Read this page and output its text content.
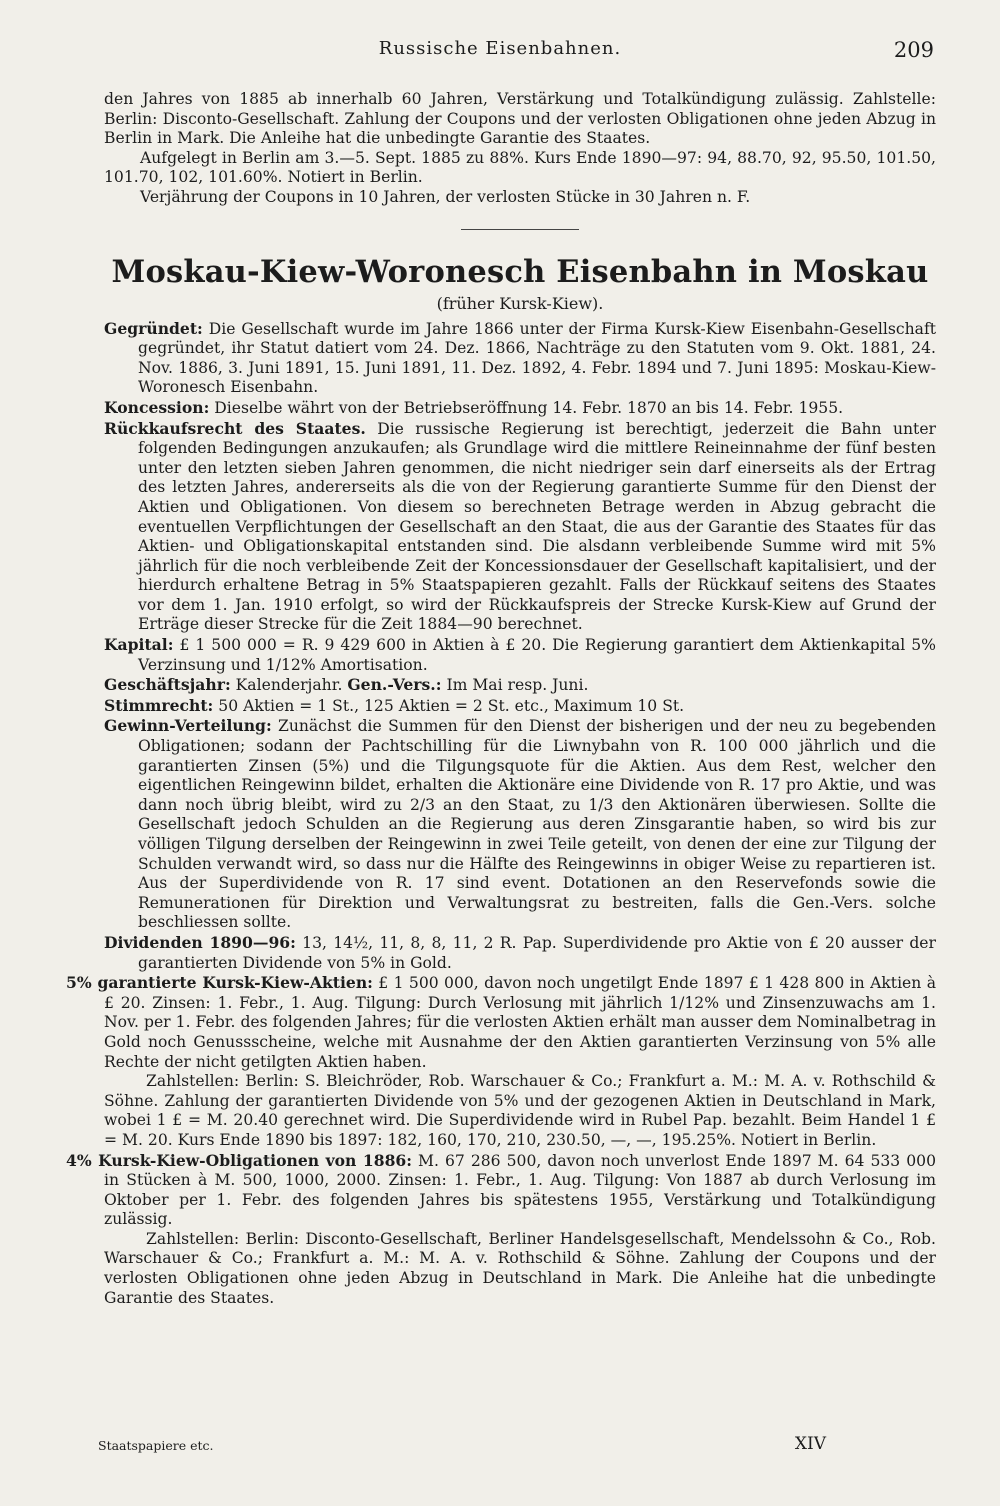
Russische Eisenbahnen.	209

den Jahres von 1885 ab innerhalb 60 Jahren, Verstärkung und Totalkündigung zulässig. Zahlstelle: Berlin: Disconto-Gesellschaft. Zahlung der Coupons und der verlosten Obligationen ohne jeden Abzug in Berlin in Mark. Die Anleihe hat die unbedingte Garantie des Staates.

Aufgelegt in Berlin am 3.—5. Sept. 1885 zu 88%. Kurs Ende 1890—97: 94, 88.70, 92, 95.50, 101.50, 101.70, 102, 101.60%. Notiert in Berlin.

Verjährung der Coupons in 10 Jahren, der verlosten Stücke in 30 Jahren n. F.

Moskau-Kiew-Woronesch Eisenbahn in Moskau

(früher Kursk-Kiew).

Gegründet: Die Gesellschaft wurde im Jahre 1866 unter der Firma Kursk-Kiew Eisenbahn-Gesellschaft gegründet, ihr Statut datiert vom 24. Dez. 1866, Nachträge zu den Statuten vom 9. Okt. 1881, 24. Nov. 1886, 3. Juni 1891, 15. Juni 1891, 11. Dez. 1892, 4. Febr. 1894 und 7. Juni 1895: Moskau-Kiew-Woronesch Eisenbahn.

Koncession: Dieselbe währt von der Betriebseröffnung 14. Febr. 1870 an bis 14. Febr. 1955.

Rückkaufsrecht des Staates. Die russische Regierung ist berechtigt, jederzeit die Bahn unter folgenden Bedingungen anzukaufen; als Grundlage wird die mittlere Reineinnahme der fünf besten unter den letzten sieben Jahren genommen, die nicht niedriger sein darf einerseits als der Ertrag des letzten Jahres, andererseits als die von der Regierung garantierte Summe für den Dienst der Aktien und Obligationen. Von diesem so berechneten Betrage werden in Abzug gebracht die eventuellen Verpflichtungen der Gesellschaft an den Staat, die aus der Garantie des Staates für das Aktien- und Obligationskapital entstanden sind. Die alsdann verbleibende Summe wird mit 5% jährlich für die noch verbleibende Zeit der Koncessionsdauer der Gesellschaft kapitalisiert, und der hierdurch erhaltene Betrag in 5% Staatspapieren gezahlt. Falls der Rückkauf seitens des Staates vor dem 1. Jan. 1910 erfolgt, so wird der Rückkaufspreis der Strecke Kursk-Kiew auf Grund der Erträge dieser Strecke für die Zeit 1884—90 berechnet.

Kapital: £ 1 500 000 = R. 9 429 600 in Aktien à £ 20. Die Regierung garantiert dem Aktienkapital 5% Verzinsung und 1/12% Amortisation.

Geschäftsjahr: Kalenderjahr. Gen.-Vers.: Im Mai resp. Juni.

Stimmrecht: 50 Aktien = 1 St., 125 Aktien = 2 St. etc., Maximum 10 St.

Gewinn-Verteilung: Zunächst die Summen für den Dienst der bisherigen und der neu zu begebenden Obligationen; sodann der Pachtschilling für die Liwnybahn von R. 100 000 jährlich und die garantierten Zinsen (5%) und die Tilgungsquote für die Aktien. Aus dem Rest, welcher den eigentlichen Reingewinn bildet, erhalten die Aktionäre eine Dividende von R. 17 pro Aktie, und was dann noch übrig bleibt, wird zu 2/3 an den Staat, zu 1/3 den Aktionären überwiesen. Sollte die Gesellschaft jedoch Schulden an die Regierung aus deren Zinsgarantie haben, so wird bis zur völligen Tilgung derselben der Reingewinn in zwei Teile geteilt, von denen der eine zur Tilgung der Schulden verwandt wird, so dass nur die Hälfte des Reingewinns in obiger Weise zu repartieren ist. Aus der Superdividende von R. 17 sind event. Dotationen an den Reservefonds sowie die Remunerationen für Direktion und Verwaltungsrat zu bestreiten, falls die Gen.-Vers. solche beschliessen sollte.

Dividenden 1890—96: 13, 14½, 11, 8, 8, 11, 2 R. Pap. Superdividende pro Aktie von £ 20 ausser der garantierten Dividende von 5% in Gold.

5% garantierte Kursk-Kiew-Aktien: £ 1 500 000, davon noch ungetilgt Ende 1897 £ 1 428 800 in Aktien à £ 20. Zinsen: 1. Febr., 1. Aug. Tilgung: Durch Verlosung mit jährlich 1/12% und Zinsenzuwachs am 1. Nov. per 1. Febr. des folgenden Jahres; für die verlosten Aktien erhält man ausser dem Nominalbetrag in Gold noch Genussscheine, welche mit Ausnahme der den Aktien garantierten Verzinsung von 5% alle Rechte der nicht getilgten Aktien haben.

Zahlstellen: Berlin: S. Bleichröder, Rob. Warschauer & Co.; Frankfurt a. M.: M. A. v. Rothschild & Söhne. Zahlung der garantierten Dividende von 5% und der gezogenen Aktien in Deutschland in Mark, wobei 1 £ = M. 20.40 gerechnet wird. Die Superdividende wird in Rubel Pap. bezahlt. Beim Handel 1 £ = M. 20. Kurs Ende 1890 bis 1897: 182, 160, 170, 210, 230.50, —, —, 195.25%. Notiert in Berlin.

4% Kursk-Kiew-Obligationen von 1886: M. 67 286 500, davon noch unverlost Ende 1897 M. 64 533 000 in Stücken à M. 500, 1000, 2000. Zinsen: 1. Febr., 1. Aug. Tilgung: Von 1887 ab durch Verlosung im Oktober per 1. Febr. des folgenden Jahres bis spätestens 1955, Verstärkung und Totalkündigung zulässig.

Zahlstellen: Berlin: Disconto-Gesellschaft, Berliner Handelsgesellschaft, Mendelssohn & Co., Rob. Warschauer & Co.; Frankfurt a. M.: M. A. v. Rothschild & Söhne. Zahlung der Coupons und der verlosten Obligationen ohne jeden Abzug in Deutschland in Mark. Die Anleihe hat die unbedingte Garantie des Staates.

Staatspapiere etc.	XIV
